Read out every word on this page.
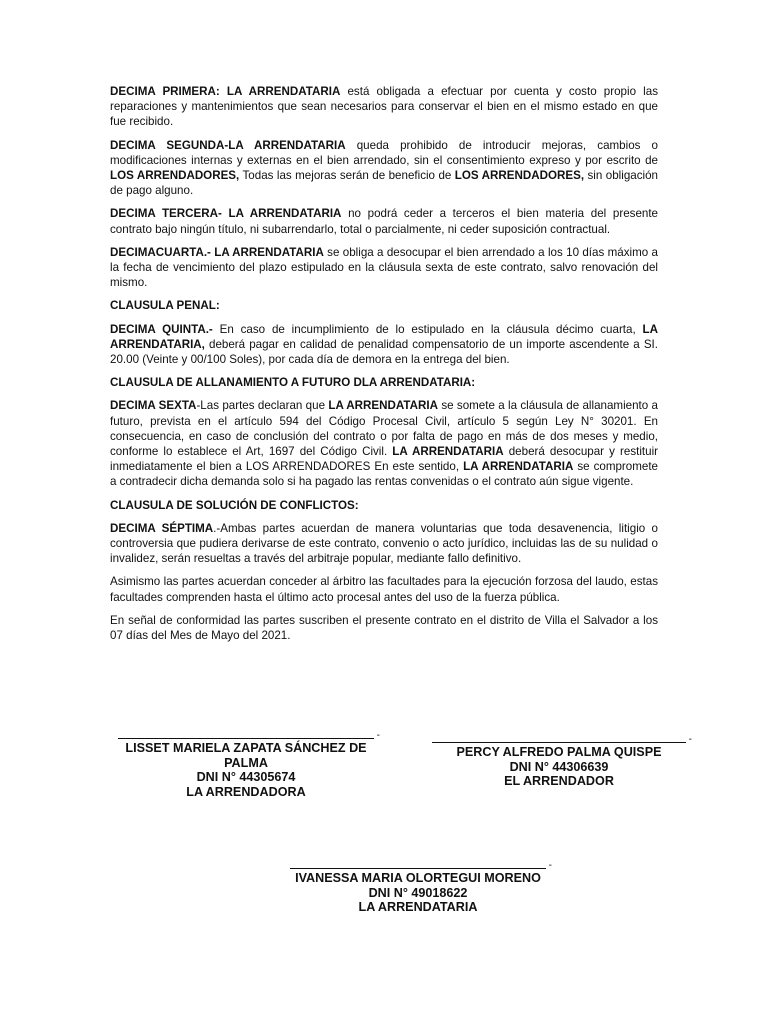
DECIMA PRIMERA: LA ARRENDATARIA está obligada a efectuar por cuenta y costo propio las reparaciones y mantenimientos que sean necesarios para conservar el bien en el mismo estado en que fue recibido.

DECIMA SEGUNDA-LA ARRENDATARIA queda prohibido de introducir mejoras, cambios o modificaciones internas y externas en el bien arrendado, sin el consentimiento expreso y por escrito de LOS ARRENDADORES, Todas las mejoras serán de beneficio de LOS ARRENDADORES, sin obligación de pago alguno.

DECIMA TERCERA- LA ARRENDATARIA no podrá ceder a terceros el bien materia del presente contrato bajo ningún título, ni subarrendarlo, total o parcialmente, ni ceder suposición contractual.

DECIMACUARTA.- LA ARRENDATARIA se obliga a desocupar el bien arrendado a los 10 días máximo a la fecha de vencimiento del plazo estipulado en la cláusula sexta de este contrato, salvo renovación del mismo.

CLAUSULA PENAL:

DECIMA QUINTA.- En caso de incumplimiento de lo estipulado en la cláusula décimo cuarta, LA ARRENDATARIA, deberá pagar en calidad de penalidad compensatorio de un importe ascendente a SI. 20.00 (Veinte y 00/100 Soles), por cada día de demora en la entrega del bien.

CLAUSULA DE ALLANAMIENTO A FUTURO DLA ARRENDATARIA:

DECIMA SEXTA-Las partes declaran que LA ARRENDATARIA se somete a la cláusula de allanamiento a futuro, prevista en el artículo 594 del Código Procesal Civil, artículo 5 según Ley N° 30201. En consecuencia, en caso de conclusión del contrato o por falta de pago en más de dos meses y medio, conforme lo establece el Art, 1697 del Código Civil. LA ARRENDATARIA deberá desocupar y restituir inmediatamente el bien a LOS ARRENDADORES En este sentido, LA ARRENDATARIA se compromete a contradecir dicha demanda solo si ha pagado las rentas convenidas o el contrato aún sigue vigente.

CLAUSULA DE SOLUCIÓN DE CONFLICTOS:

DECIMA SÉPTIMA.-Ambas partes acuerdan de manera voluntarias que toda desavenencia, litigio o controversia que pudiera derivarse de este contrato, convenio o acto jurídico, incluidas las de su nulidad o invalidez, serán resueltas a través del arbitraje popular, mediante fallo definitivo.

Asimismo las partes acuerdan conceder al árbitro las facultades para la ejecución forzosa del laudo, estas facultades comprenden hasta el último acto procesal antes del uso de la fuerza pública.

En señal de conformidad las partes suscriben el presente contrato en el distrito de Villa el Salvador a los 07 días del Mes de Mayo del 2021.

-
LISSET MARIELA ZAPATA SÁNCHEZ DE PALMA
DNI N° 44305674
LA ARRENDADORA
-
PERCY ALFREDO PALMA QUISPE
DNI N° 44306639
EL ARRENDADOR
-
IVANESSA MARIA OLORTEGUI MORENO
DNI N° 49018622
LA ARRENDATARIA
